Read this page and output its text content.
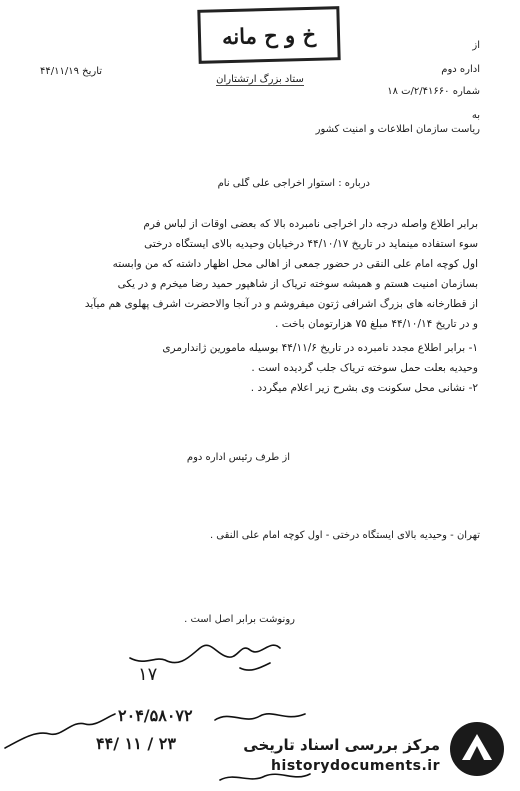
خ و ح مانه
تاریخ ۴۴/۱۱/۱۹
ستاد بزرگ ارتشتاران
از
اداره دوم
شماره ۲/۴۱۶۶۰/ت ۱۸
به
ریاست سازمان اطلاعات و امنیت کشور
درباره : استوار اخراجی علی گلی نام
برابر اطلاع واصله درجه دار اخراجی نامبرده بالا که بعضی اوقات از لباس فرم
سوء استفاده مینماید در تاریخ ۴۴/۱۰/۱۷ درخیابان وحیدیه بالای ایستگاه درختی
اول کوچه امام علی النقی در حضور جمعی از اهالی محل اظهار داشته که من وابسته
بسازمان امنیت هستم و همیشه سوخته تریاک از شاهپور حمید رضا میخرم و در یکی
از قطارخانه های بزرگ اشرافی ژتون میفروشم و در آنجا والاحضرت اشرف پهلوی هم میآید
و در تاریخ ۴۴/۱۰/۱۴ مبلغ ۷۵ هزارتومان باخت .
۱- برابر اطلاع مجدد نامبرده در تاریخ ۴۴/۱۱/۶ بوسیله مامورین ژاندارمری
وحیدیه بعلت حمل سوخته تریاک جلب گردیده است .
۲- نشانی محل سکونت وی بشرح زیر اعلام میگردد .
از طرف رئیس اداره دوم
تهران - وحیدیه بالای ایستگاه درختی - اول کوچه امام علی النقی .
رونوشت برابر اصل است .
۱۷
۲۰۴/۵۸۰۷۲
۴۴/ ۱۱ / ۲۳	مرکز بررسی اسناد تاریخی
historydocuments.ir
